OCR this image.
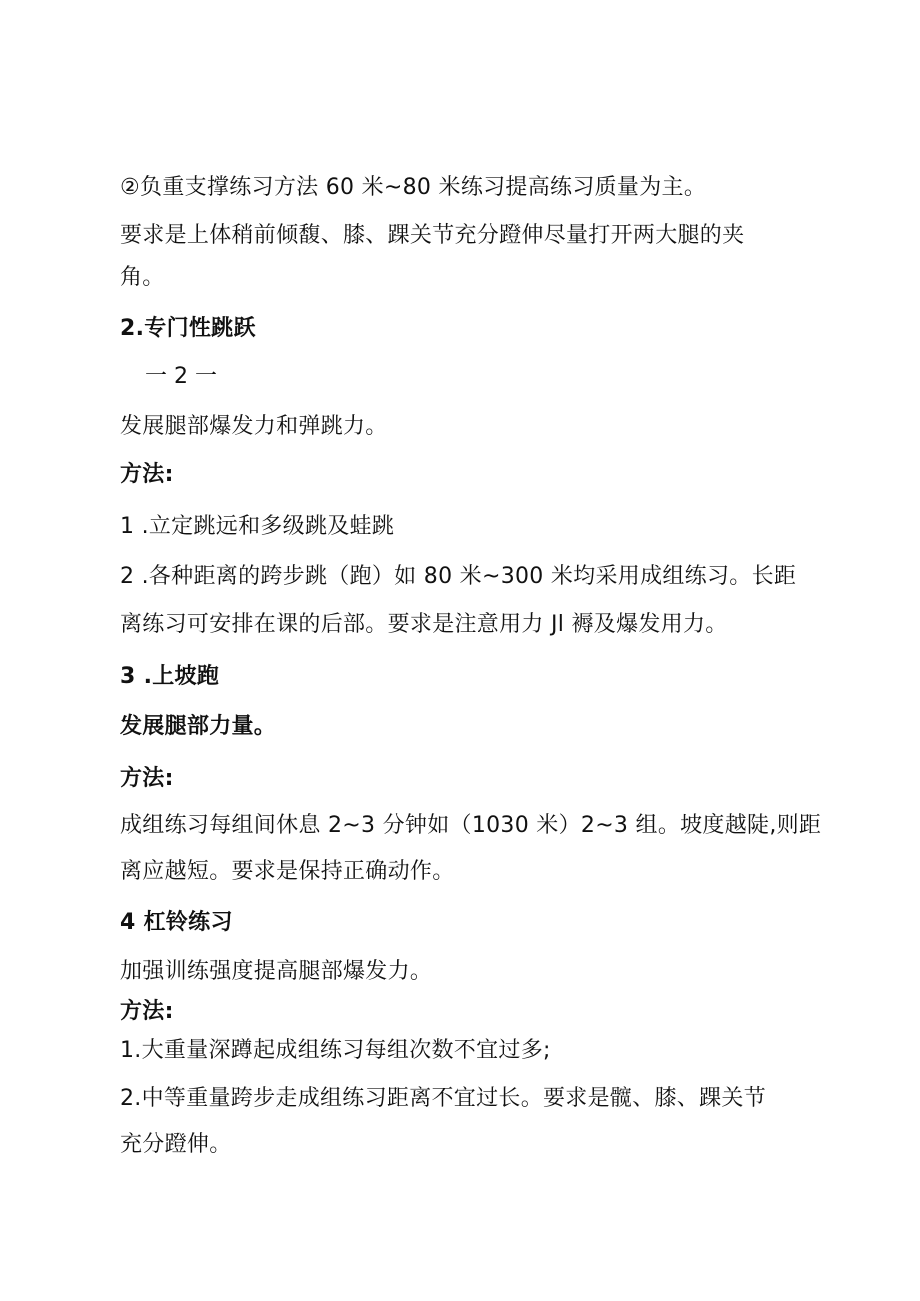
②负重支撑练习方法 60 米~80 米练习提高练习质量为主。
要求是上体稍前倾馥、膝、踝关节充分蹬伸尽量打开两大腿的夹
角。
2.专门性跳跃
一 2 一
发展腿部爆发力和弹跳力。
方法:
1 .立定跳远和多级跳及蛙跳
2 .各种距离的跨步跳（跑）如 80 米~300 米均采用成组练习。长距
离练习可安排在课的后部。要求是注意用力 Jl 褥及爆发用力。
3 .上坡跑
发展腿部力量。
方法:
成组练习每组间休息 2~3 分钟如（1030 米）2~3 组。坡度越陡,则距
离应越短。要求是保持正确动作。
4 杠铃练习
加强训练强度提高腿部爆发力。
方法:
1.大重量深蹲起成组练习每组次数不宜过多;
2.中等重量跨步走成组练习距离不宜过长。要求是髋、膝、踝关节
充分蹬伸。
